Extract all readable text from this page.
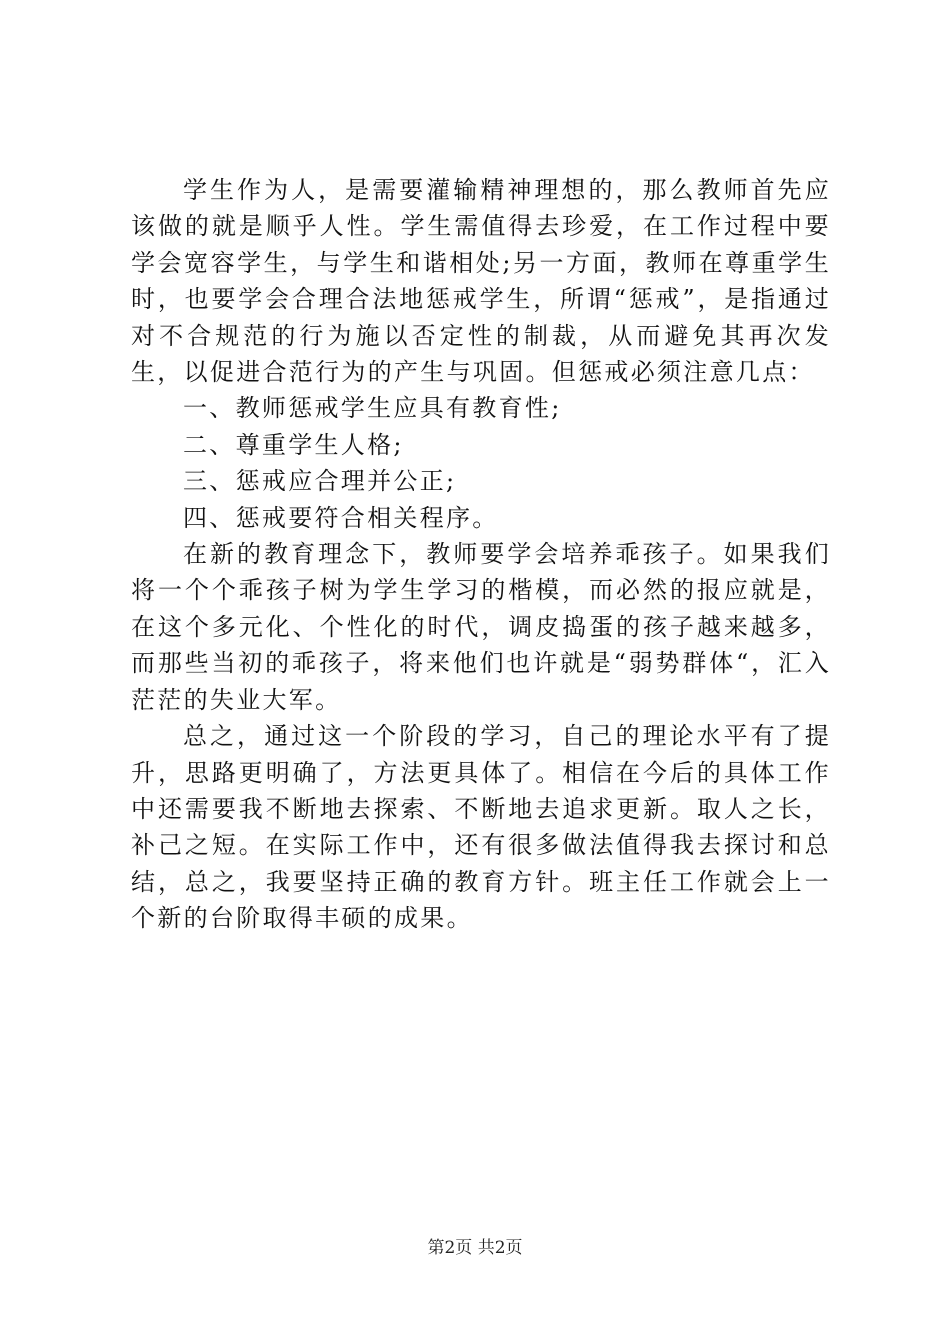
学生作为人，是需要灌输精神理想的，那么教师首先应该做的就是顺乎人性。学生需值得去珍爱，在工作过程中要学会宽容学生，与学生和谐相处;另一方面，教师在尊重学生时，也要学会合理合法地惩戒学生，所谓“惩戒”，是指通过对不合规范的行为施以否定性的制裁，从而避免其再次发生，以促进合范行为的产生与巩固。但惩戒必须注意几点：

一、教师惩戒学生应具有教育性;

二、尊重学生人格;

三、惩戒应合理并公正;

四、惩戒要符合相关程序。

在新的教育理念下，教师要学会培养乖孩子。如果我们将一个个乖孩子树为学生学习的楷模，而必然的报应就是，在这个多元化、个性化的时代，调皮捣蛋的孩子越来越多，而那些当初的乖孩子，将来他们也许就是“弱势群体“，汇入茫茫的失业大军。

总之，通过这一个阶段的学习，自己的理论水平有了提升，思路更明确了，方法更具体了。相信在今后的具体工作中还需要我不断地去探索、不断地去追求更新。取人之长，补己之短。在实际工作中，还有很多做法值得我去探讨和总结，总之，我要坚持正确的教育方针。班主任工作就会上一个新的台阶取得丰硕的成果。

第2页 共2页
